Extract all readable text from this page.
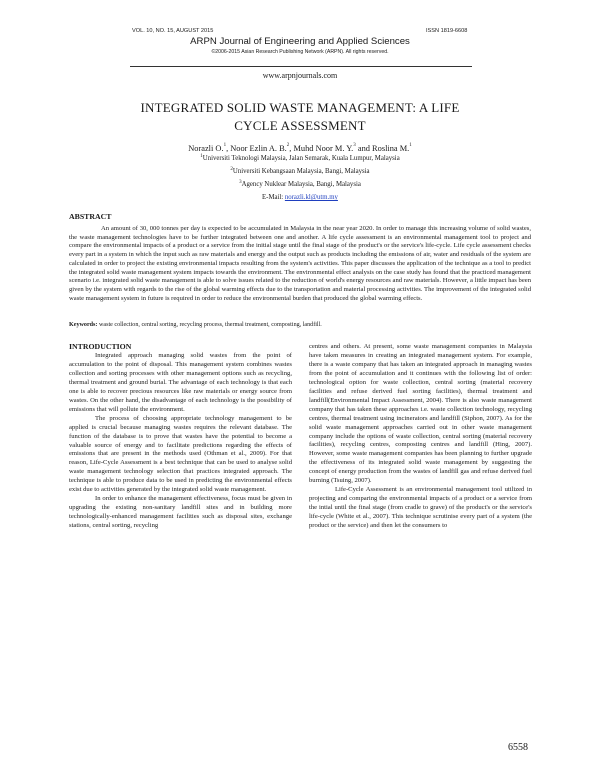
VOL. 10, NO. 15, AUGUST 2015	ISSN 1819-6608
ARPN Journal of Engineering and Applied Sciences
©2006-2015 Asian Research Publishing Network (ARPN). All rights reserved.
www.arpnjournals.com
INTEGRATED SOLID WASTE MANAGEMENT: A LIFE
CYCLE ASSESSMENT
Norazli O.$^1$, Noor Ezlin A. B.$^2$, Muhd Noor M. Y.$^3$ and Roslina M.$^1$
$^1$Universiti Teknologi Malaysia, Jalan Semarak, Kuala Lumpur, Malaysia
$^2$Universiti Kebangsaan Malaysia, Bangi, Malaysia
$^3$Agency Nuklear Malaysia, Bangi, Malaysia
E-Mail: norazli.kl@utm.my
ABSTRACT

An amount of 30, 000 tonnes per day is expected to be accumulated in Malaysia in the near year 2020. In order to manage this increasing volume of solid wastes, the waste management technologies have to be further integrated between one and another. A life cycle assessment is an environmental management tool to project and compare the environmental impacts of a product or a service from the initial stage until the final stage of the product's or the service's life-cycle. Life cycle assessment checks every part in a system in which the input such as raw materials and energy and the output such as products including the emissions of air, water and residuals of the system are calculated in order to project the existing environmental impacts resulting from the system's activities. This paper discusses the application of the technique as a tool to predict the integrated solid waste management system impacts towards the environment. The environmental effect analysis on the case study has found that the practiced management scenario i.e. integrated solid waste management is able to solve issues related to the reduction of world's energy resources and raw materials. However, a little impact has been given by the system with regards to the rise of the global warming effects due to the transportation and material processing activities. The improvement of the integrated solid waste management system in future is required in order to reduce the environmental burden that produced the global warming effects.

Keywords: waste collection, central sorting, recycling process, thermal treatment, composting, landfill.
INTRODUCTION

Integrated approach managing solid wastes from the point of accumulation to the point of disposal. This management system combines wastes collection and sorting processes with other management options such as recycling, thermal treatment and ground burial. The advantage of each technology is that each one is able to recover precious resources like raw materials or energy source from wastes. On the other hand, the disadvantage of each technology is the possibility of emissions that will pollute the environment.

The process of choosing appropriate technology management to be applied is crucial because managing wastes requires the relevant database. The function of the database is to prove that wastes have the potential to become a valuable source of energy and to facilitate predictions regarding the effects of emissions that are present in the methods used (Othman et al., 2009). For that reason, Life-Cycle Assessment is a best technique that can be used to analyse solid waste management technology selection that practices integrated approach. The technique is able to produce data to be used in predicting the environmental effects exist due to activities generated by the integrated solid waste management.

In order to enhance the management effectiveness, focus must be given in upgrading the existing non-sanitary landfill sites and in building more technologically-enhanced management facilities such as disposal sites, exchange stations, central sorting, recycling

centres and others. At present, some waste management companies in Malaysia have taken measures in creating an integrated management system. For example, there is a waste company that has taken an integrated approach in managing wastes from the point of accumulation and it continues with the following list of order: technological option for waste collection, central sorting (material recovery facilities and refuse derived fuel sorting facilities), thermal treatment and landfill(Environmental Impact Assessment, 2004). There is also waste management company that has taken these approaches i.e. waste collection technology, recycling centres, thermal treatment using incinerators and landfill (Siphon, 2007). As for the solid waste management approaches carried out in other waste management company include the options of waste collection, central sorting (material recovery facilities), recycling centres, composting centres and landfill (Hing, 2007). However, some waste management companies has been planning to further upgrade the effectiveness of its integrated solid waste management by suggesting the concept of energy production from the wastes of landfill gas and refuse derived fuel burning (Tsuing, 2007).

Life-Cycle Assessment is an environmental management tool utilized in projecting and comparing the environmental impacts of a product or a service from the intial until the final stage (from cradle to grave) of the product's or the service's life-cycle (White et al., 2007). This technique scrutinise every part of a system (the product or the service) and then let the consumers to

6558
